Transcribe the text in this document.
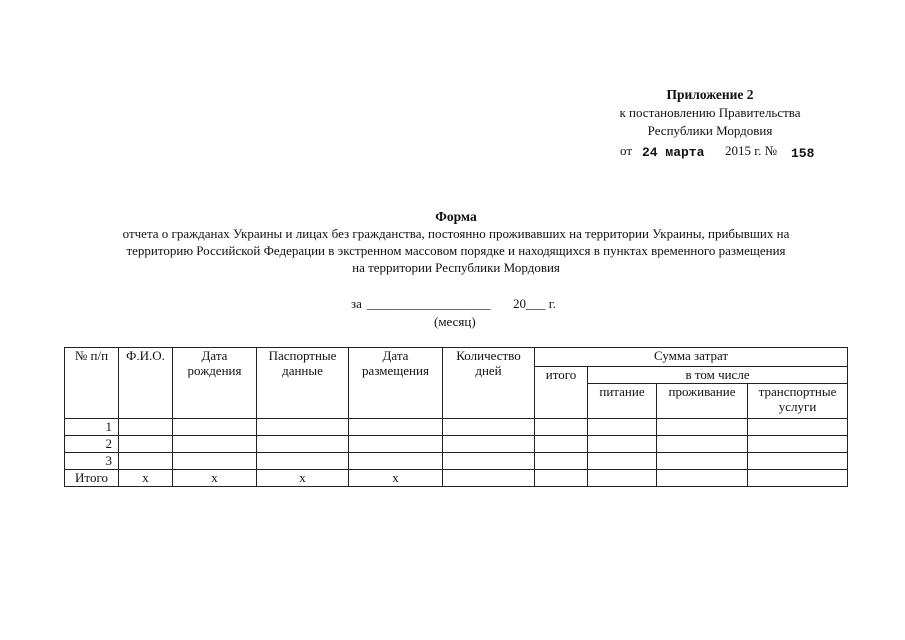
Приложение 2
к постановлению Правительства
Республики Мордовия
от 24 марта 2015 г. № 158
Форма
отчета о гражданах Украины и лицах без гражданства, постоянно проживавших на территории Украины, прибывших на
территорию Российской Федерации в экстренном массовом порядке и находящихся в пунктах временного размещения
на территории Республики Мордовия
за ___________________ 20___ г.
(месяц)
№ п/п	Ф.И.О.	Дата рождения	Паспортные данные	Дата размещения	Количество дней	Сумма затрат			
						итого	в том числе		
							питание	проживание	транспортные услуги
1									
2									
3									
Итого	x	x	x	x					
